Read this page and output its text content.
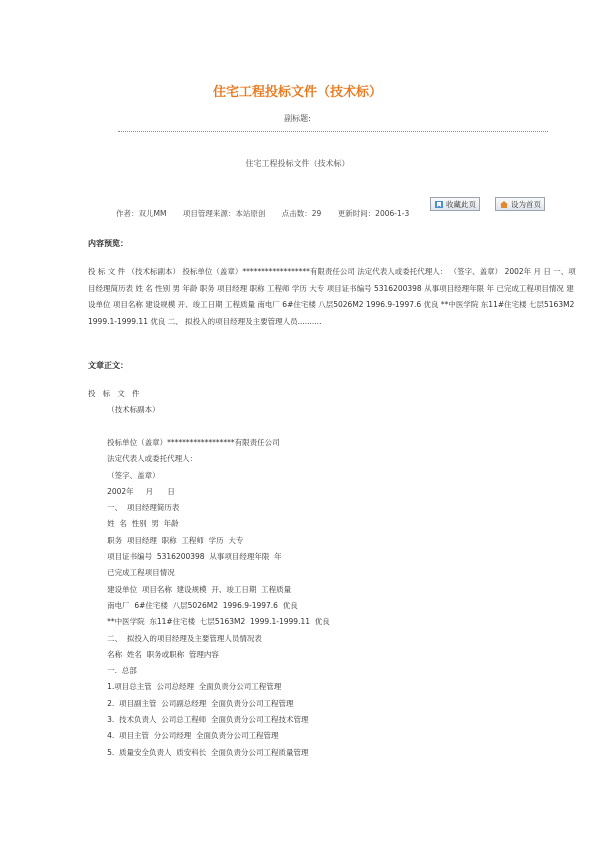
住宅工程投标文件（技术标）
副标题:
住宅工程投标文件（技术标）
收藏此页	设为首页
作者：双儿MM 项目管理来源：本站原创 点击数：29 更新时间：2006-1-3
内容预览：
投 标 文 件 （技术标副本） 投标单位（盖章）******************有限责任公司 法定代表人或委托代理人： （签字、盖章） 2002年 月 日 一、项目经理简历表 姓 名 性别 男 年龄 职务 项目经理 职称 工程师 学历 大专 项目证书编号 5316200398 从事项目经理年限 年 已完成工程项目情况 建设单位 项目名称 建设规模 开、竣工日期 工程质量 南电厂 6#住宅楼 八层5026M2 1996.9-1997.6 优良 **中医学院 东11#住宅楼 七层5163M2 1999.1-1999.11 优良 二、 拟投入的项目经理及主要管理人员..........
文章正文：
投   标   文   件
（技术标副本）
投标单位（盖章）******************有限责任公司
法定代表人或委托代理人：
（签字、盖章）
2002年     月      日
一、  项目经理简历表
姓  名  性别  男  年龄
职务  项目经理  职称  工程师  学历  大专
项目证书编号  5316200398  从事项目经理年限  年
已完成工程项目情况
建设单位  项目名称  建设规模  开、竣工日期  工程质量
南电厂  6#住宅楼  八层5026M2  1996.9-1997.6  优良
**中医学院  东11#住宅楼  七层5163M2  1999.1-1999.11  优良
二、  拟投入的项目经理及主要管理人员情况表
名称  姓名  职务或职称  管理内容
一.  总部
1.项目总主管  公司总经理  全面负责分公司工程管理
2.  项目副主管  公司副总经理  全面负责分公司工程管理
3.  技术负责人  公司总工程师  全面负责分公司工程技术管理
4.  项目主管  分公司经理  全面负责分公司工程管理
5.  质量安全负责人  质安科长  全面负责分公司工程质量管理
